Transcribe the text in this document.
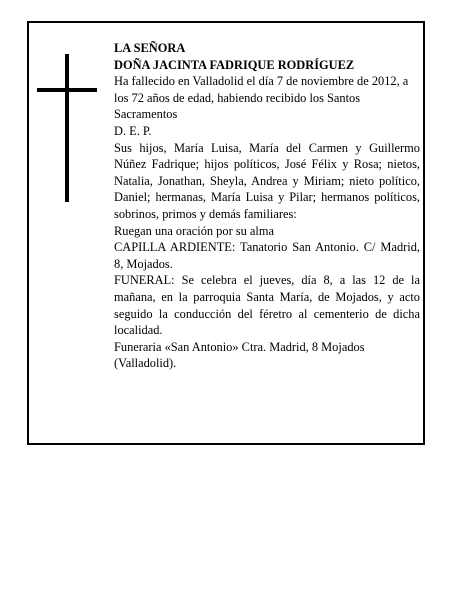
LA SEÑORA

DOÑA JACINTA FADRIQUE RODRÍGUEZ

Ha fallecido en Valladolid el día 7 de noviembre de 2012, a los 72 años de edad, habiendo recibido los Santos Sacramentos

D. E. P.

Sus hijos, María Luisa, María del Carmen y Guillermo Núñez Fadrique; hijos políticos, José Félix y Rosa; nietos, Natalia, Jonathan, Sheyla, Andrea y Miriam; nieto político, Daniel; hermanas, María Luisa y Pilar; hermanos políticos, sobrinos, primos y demás familiares:

Ruegan una oración por su alma

CAPILLA ARDIENTE: Tanatorio San Antonio. C/ Madrid, 8, Mojados.

FUNERAL: Se celebra el jueves, día 8, a las 12 de la mañana, en la parroquia Santa María, de Mojados, y acto seguido la conducción del féretro al cementerio de dicha localidad.

Funeraria «San Antonio» Ctra. Madrid, 8 Mojados (Valladolid).
